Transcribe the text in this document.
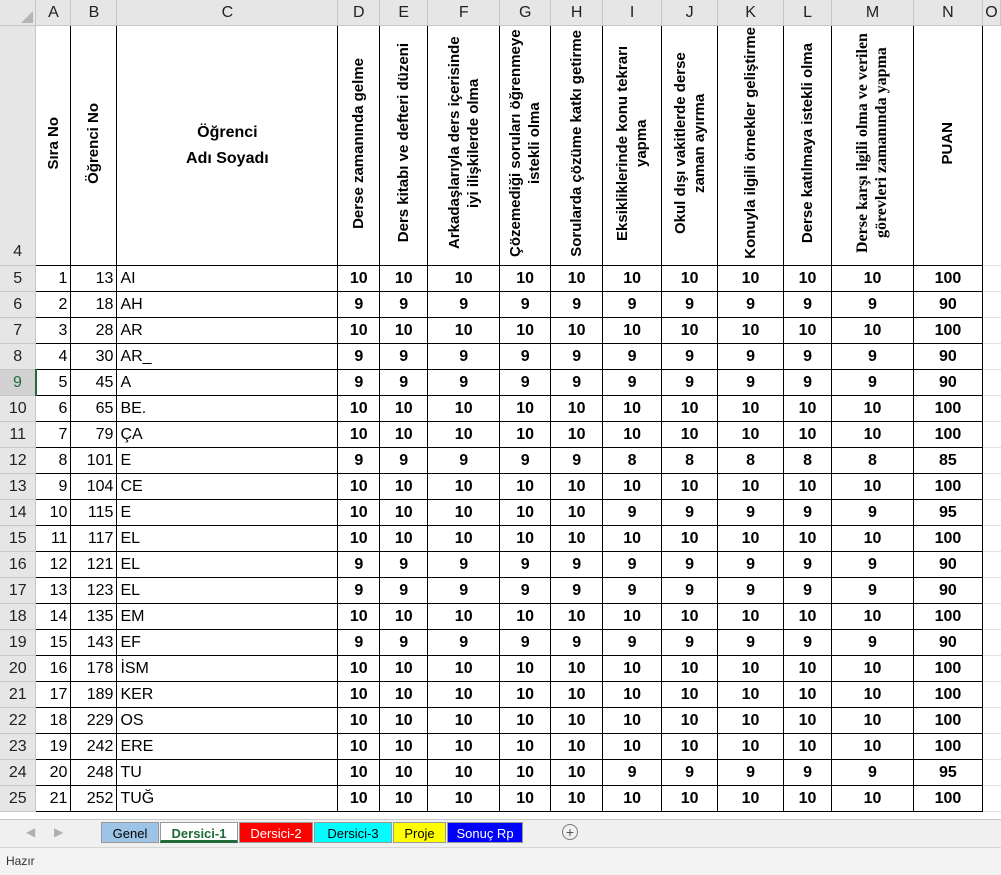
	A	B	C	D	E	F	G	H	I	J	K	L	M	N	O
4	Sıra No	Öğrenci No	Öğrenci
Adı Soyadı	Derse zamanında gelme	Ders kitabı ve defteri düzeni	Arkadaşlarıyla ders içerisinde iyi ilişkilerde olma	Çözemediği soruları öğrenmeye istekli olma	Sorularda çözüme katkı getirme	Eksikliklerinde konu tekrarı yapma	Okul dışı vakitlerde derse zaman ayırma	Konuyla ilgili örnekler geliştirme	Derse katılmaya istekli olma	Derse karşı ilgili olma ve verilen görevleri zamanında yapma	PUAN	
5	1	13	AI	10	10	10	10	10	10	10	10	10	10	100	
6	2	18	AH	9	9	9	9	9	9	9	9	9	9	90	
7	3	28	AR	10	10	10	10	10	10	10	10	10	10	100	
8	4	30	AR_	9	9	9	9	9	9	9	9	9	9	90	
9	5	45	A	9	9	9	9	9	9	9	9	9	9	90	
10	6	65	BE.	10	10	10	10	10	10	10	10	10	10	100	
11	7	79	ÇA	10	10	10	10	10	10	10	10	10	10	100	
12	8	101	E	9	9	9	9	9	8	8	8	8	8	85	
13	9	104	CE	10	10	10	10	10	10	10	10	10	10	100	
14	10	115	E	10	10	10	10	10	9	9	9	9	9	95	
15	11	117	EL	10	10	10	10	10	10	10	10	10	10	100	
16	12	121	EL	9	9	9	9	9	9	9	9	9	9	90	
17	13	123	EL	9	9	9	9	9	9	9	9	9	9	90	
18	14	135	EM	10	10	10	10	10	10	10	10	10	10	100	
19	15	143	EF	9	9	9	9	9	9	9	9	9	9	90	
20	16	178	İSM	10	10	10	10	10	10	10	10	10	10	100	
21	17	189	KER	10	10	10	10	10	10	10	10	10	10	100	
22	18	229	OS	10	10	10	10	10	10	10	10	10	10	100	
23	19	242	ERE	10	10	10	10	10	10	10	10	10	10	100	
24	20	248	TU	10	10	10	10	10	9	9	9	9	9	95	
25	21	252	TUĞ	10	10	10	10	10	10	10	10	10	10	100	
◀ ▶	Genel	Dersici-1	Dersici-2	Dersici-3	Proje	Sonuç Rp	+
Hazır
